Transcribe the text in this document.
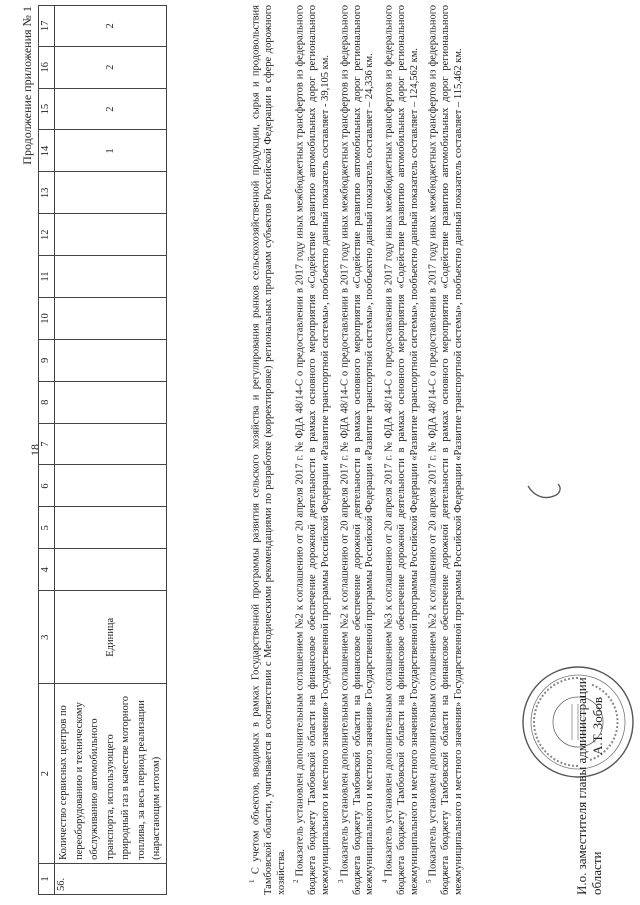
18
Продолжение приложения № 1
1	2	3	4	5	6	7	8	9	10	11	12	13	14	15	16	17
56.	Количество сервисных центров по переоборудованию и техническому обслуживанию автомобильного транспорта, использующего природный газ в качестве моторного топлива, за весь период реализации (нарастающим итогом)	Единица											1	2	2	2

$^1$ С учетом объектов, вводимых в рамках Государственной программы развития сельского хозяйства и регулирования рынков сельскохозяйственной продукции, сырья и продовольствия Тамбовской области, учитывается в соответствии с Методическими рекомендациями по разработке (корректировке) региональных программ субъектов Российской Федерации в сфере дорожного хозяйства. $^2$ Показатель установлен дополнительным соглашением №2 к соглашению от 20 апреля 2017 г. № ФДА 48/14-С о предоставлении в 2017 году иных межбюджетных трансфертов из федерального бюджета бюджету Тамбовской области на финансовое обеспечение дорожной деятельности в рамках основного мероприятия «Содействие развитию автомобильных дорог регионального межмуниципального и местного значения» Государственной программы Российской Федерации «Развитие транспортной системы», пообъектно данный показатель составляет - 39,105 км. $^3$ Показатель установлен дополнительным соглашением №2 к соглашению от 20 апреля 2017 г. № ФДА 48/14-С о предоставлении в 2017 году иных межбюджетных трансфертов из федерального бюджета бюджету Тамбовской области на финансовое обеспечение дорожной деятельности в рамках основного мероприятия «Содействие развитию автомобильных дорог регионального межмуниципального и местного значения» Государственной программы Российской Федерации «Развитие транспортной системы», пообъектно данный показатель составляет – 24,336 км. $^4$ Показатель установлен дополнительным соглашением №3 к соглашению от 20 апреля 2017 г. № ФДА 48/14-С о предоставлении в 2017 году иных межбюджетных трансфертов из федерального бюджета бюджету Тамбовской области на финансовое обеспечение дорожной деятельности в рамках основного мероприятия «Содействие развитию автомобильных дорог регионального межмуниципального и местного значения» Государственной программы Российской Федерации «Развитие транспортной системы», пообъектно данный показатель составляет – 124,562 км. $^5$ Показатель установлен дополнительным соглашением №2 к соглашению от 20 апреля 2017 г. № ФДА 48/14-С о предоставлении в 2017 году иных межбюджетных трансфертов из федерального бюджета бюджету Тамбовской области на финансовое обеспечение дорожной деятельности в рамках основного мероприятия «Содействие развитию автомобильных дорог регионального межмуниципального и местного значения» Государственной программы Российской Федерации «Развитие транспортной системы», пообъектно данный показатель составляет – 115,462 км.	И.о. заместителя главы администрации области
А.Т. Зобов
